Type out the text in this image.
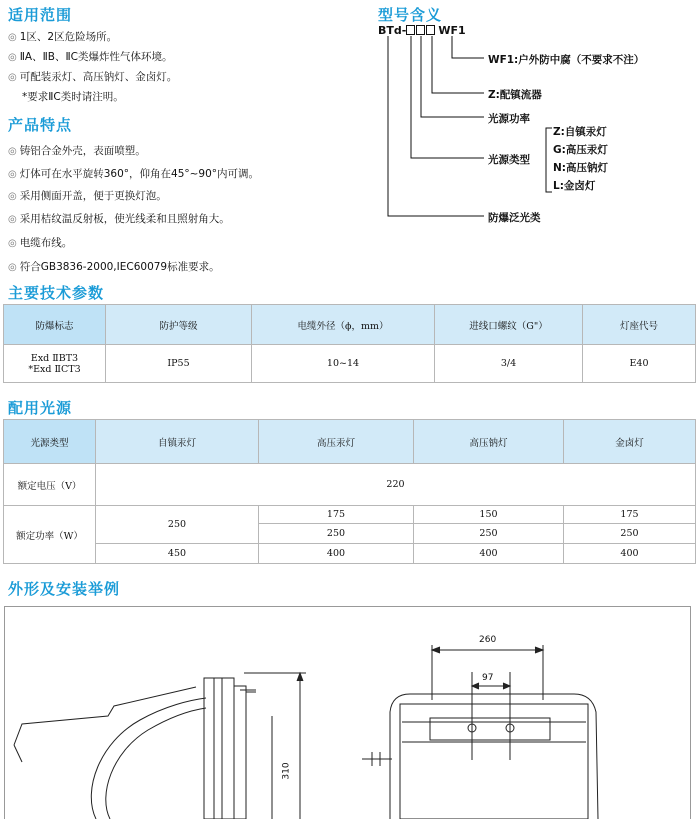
适用范围
◎ 1区、2区危险场所。
◎ ⅡA、ⅡB、ⅡC类爆炸性气体环境。
◎ 可配装汞灯、高压钠灯、金卤灯。
*要求ⅡC类时请注明。
产品特点
◎ 铸铝合金外壳，表面喷塑。
◎ 灯体可在水平旋转360°，仰角在45°~90°内可调。
◎ 采用侧面开盖，便于更换灯泡。
◎ 采用桔纹温反射板，使光线柔和且照射角大。
◎ 电缆布线。
◎ 符合GB3836-2000,IEC60079标准要求。
型号含义
BTd-	WF1
WF1:户外防中腐（不要求不注）
Z:配镇流器
光源功率
光源类型
Z:自镇汞灯
G:高压汞灯
N:高压钠灯
L:金卤灯
防爆泛光类
主要技术参数
防爆标志	防护等级	电缆外径（ϕ，mm）	进线口螺纹（G"）	灯座代号

Exd ⅡBT3
*Exd ⅡCT3	IP55	10~14	3/4	E40
配用光源
光源类型	自镇汞灯	高压汞灯	高压钠灯	金卤灯
额定电压（V）	220			
额定功率（W）	250	175	150	175
		250	250	250
	450	400	400	400
外形及安装举例
260
97
310
